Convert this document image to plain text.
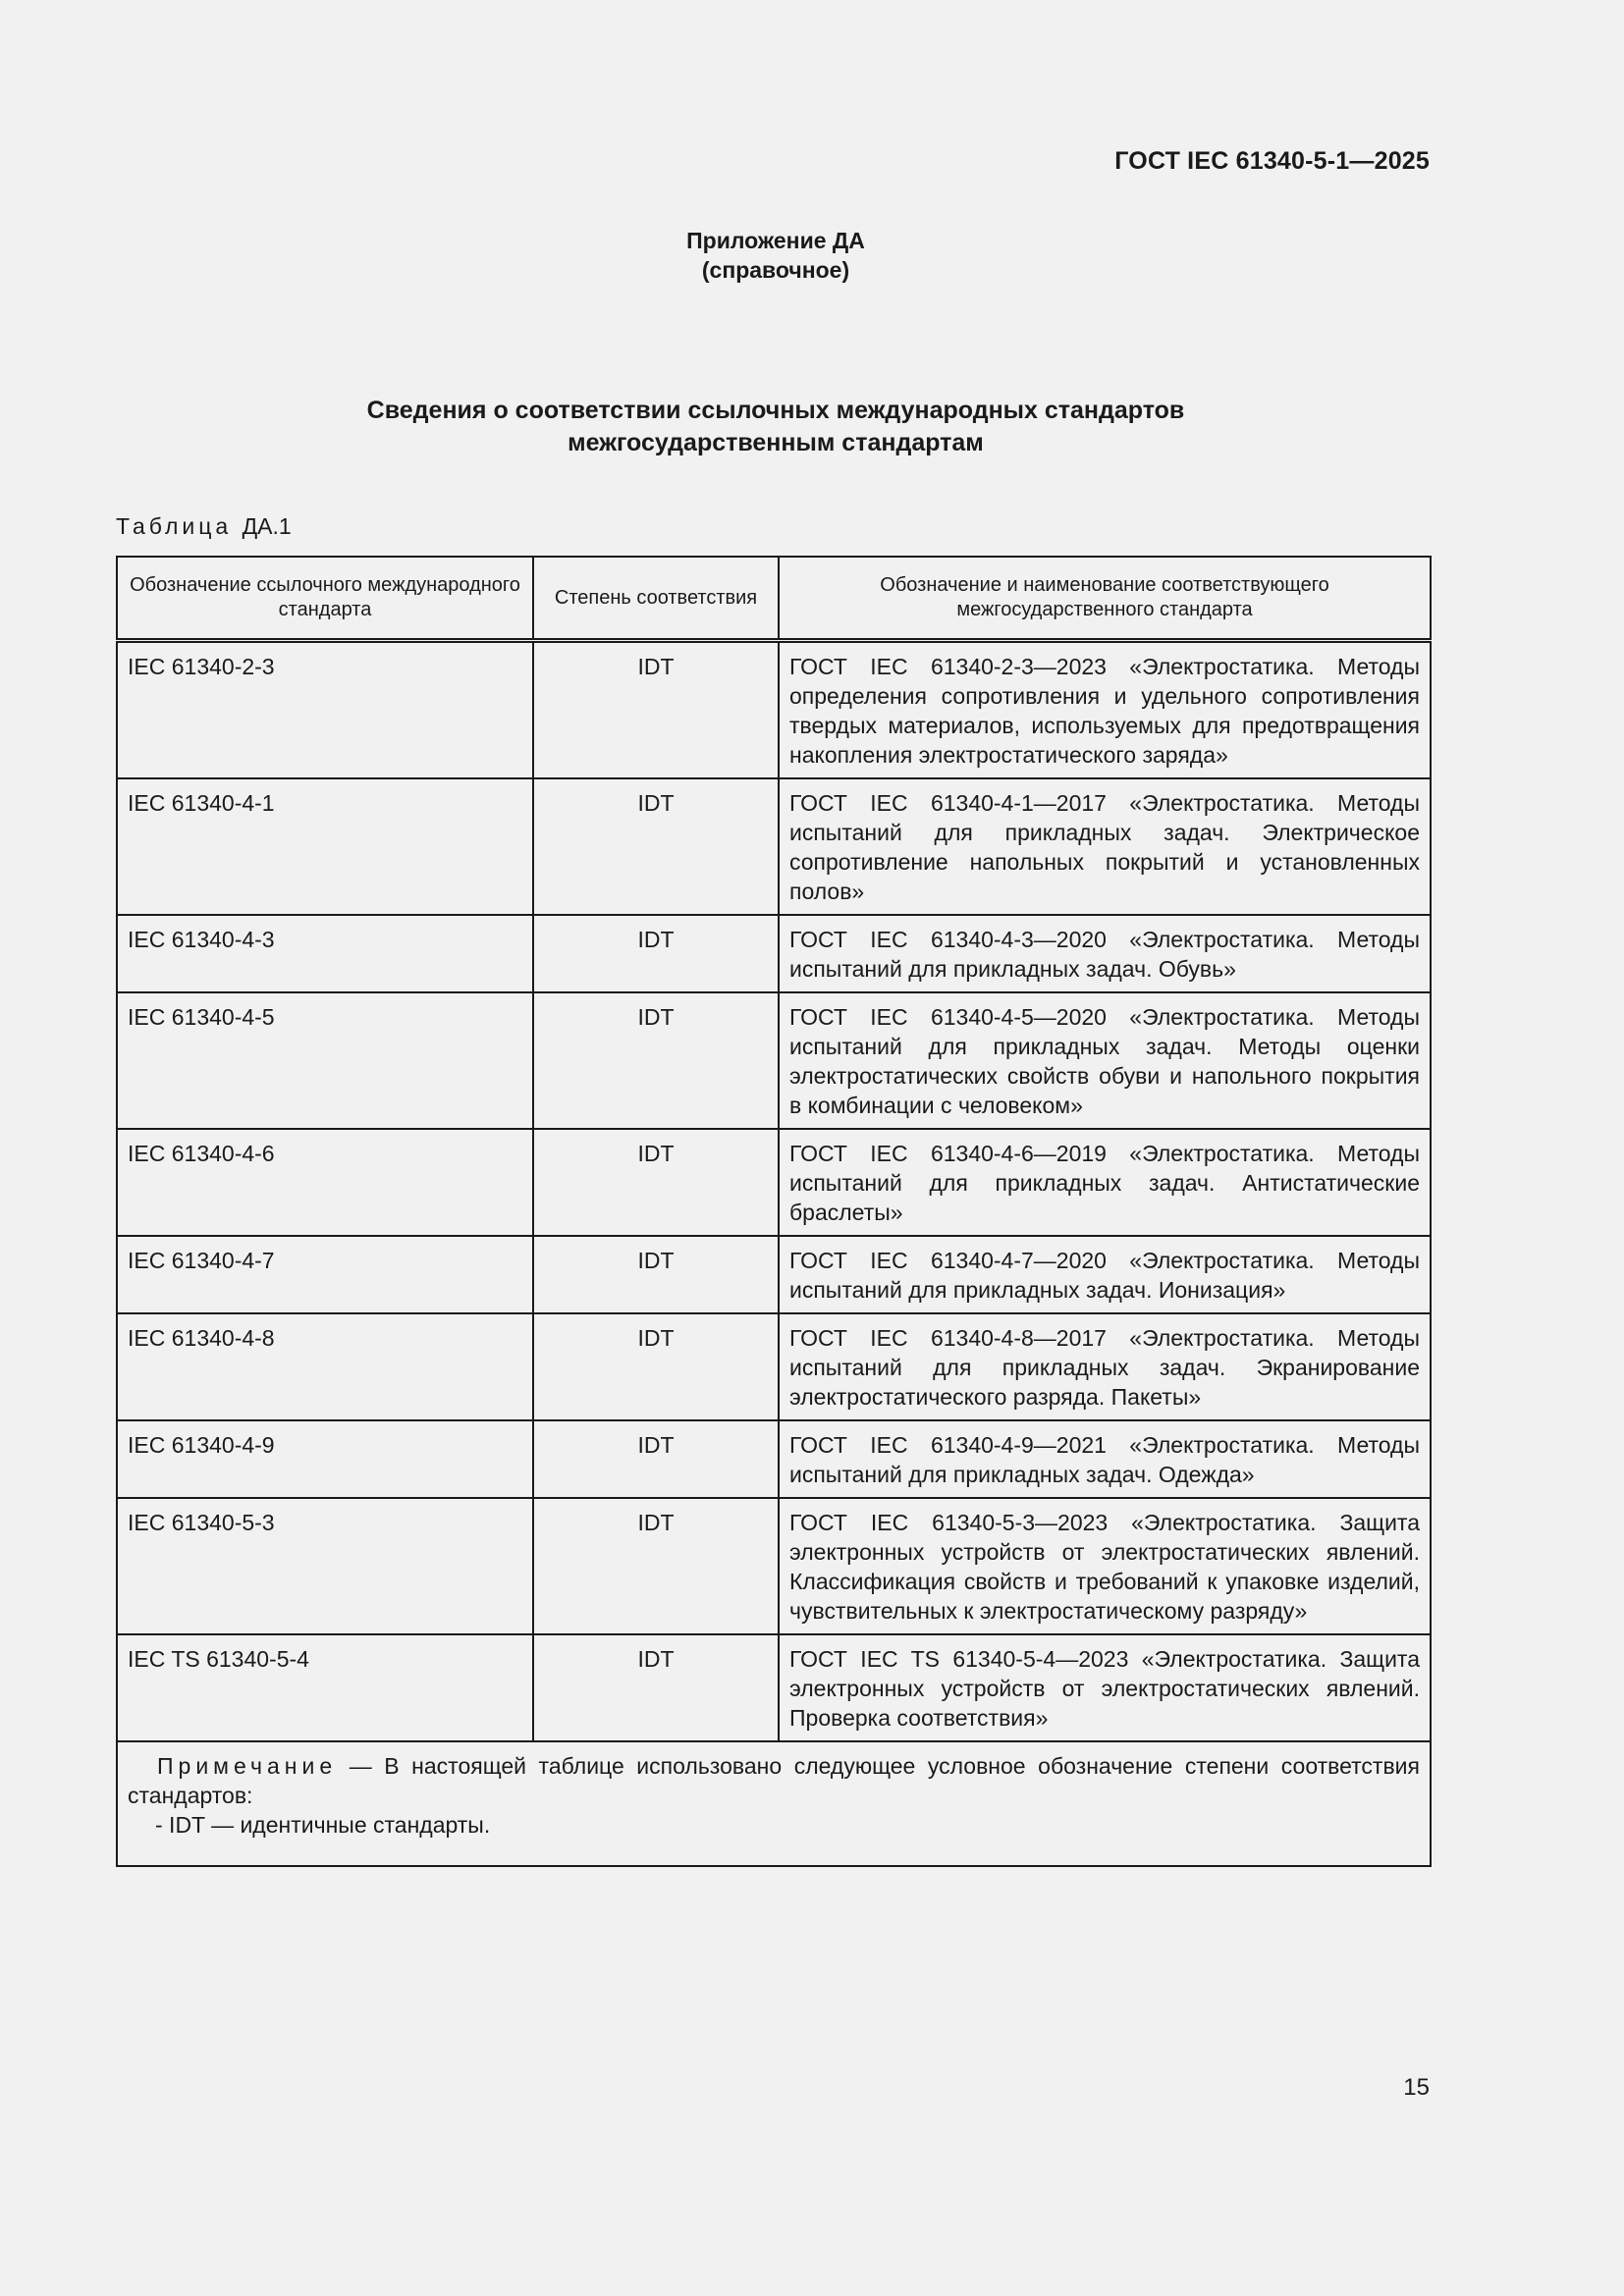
ГОСТ IEC 61340-5-1—2025
Приложение ДА
(справочное)
Сведения о соответствии ссылочных международных стандартов
межгосударственным стандартам
Таблица ДА.1
Обозначение ссылочного международного стандарта	Степень соответствия	Обозначение и наименование соответствующего межгосударственного стандарта
IEC 61340-2-3	IDT	ГОСТ IEC 61340-2-3—2023 «Электростатика. Методы определения сопротивления и удельного сопротивления твердых материалов, используемых для предотвращения накопления электростатического заряда»
IEC 61340-4-1	IDT	ГОСТ IEC 61340-4-1—2017 «Электростатика. Методы испытаний для прикладных задач. Электрическое сопротивление напольных покрытий и установленных полов»
IEC 61340-4-3	IDT	ГОСТ IEC 61340-4-3—2020 «Электростатика. Методы испытаний для прикладных задач. Обувь»
IEC 61340-4-5	IDT	ГОСТ IEC 61340-4-5—2020 «Электростатика. Методы испытаний для прикладных задач. Методы оценки электростатических свойств обуви и напольного покрытия в комбинации с человеком»
IEC 61340-4-6	IDT	ГОСТ IEC 61340-4-6—2019 «Электростатика. Методы испытаний для прикладных задач. Антистатические браслеты»
IEC 61340-4-7	IDT	ГОСТ IEC 61340-4-7—2020 «Электростатика. Методы испытаний для прикладных задач. Ионизация»
IEC 61340-4-8	IDT	ГОСТ IEC 61340-4-8—2017 «Электростатика. Методы испытаний для прикладных задач. Экранирование электростатического разряда. Пакеты»
IEC 61340-4-9	IDT	ГОСТ IEC 61340-4-9—2021 «Электростатика. Методы испытаний для прикладных задач. Одежда»
IEC 61340-5-3	IDT	ГОСТ IEC 61340-5-3—2023 «Электростатика. Защита электронных устройств от электростатических явлений. Классификация свойств и требований к упаковке изделий, чувствительных к электростатическому разряду»
IEC TS 61340-5-4	IDT	ГОСТ IEC TS 61340-5-4—2023 «Электростатика. Защита электронных устройств от электростатических явлений. Проверка соответствия»

Примечание — В настоящей таблице использовано следующее условное обозначение степени соответствия стандартов:
- IDT — идентичные стандарты.		
15
